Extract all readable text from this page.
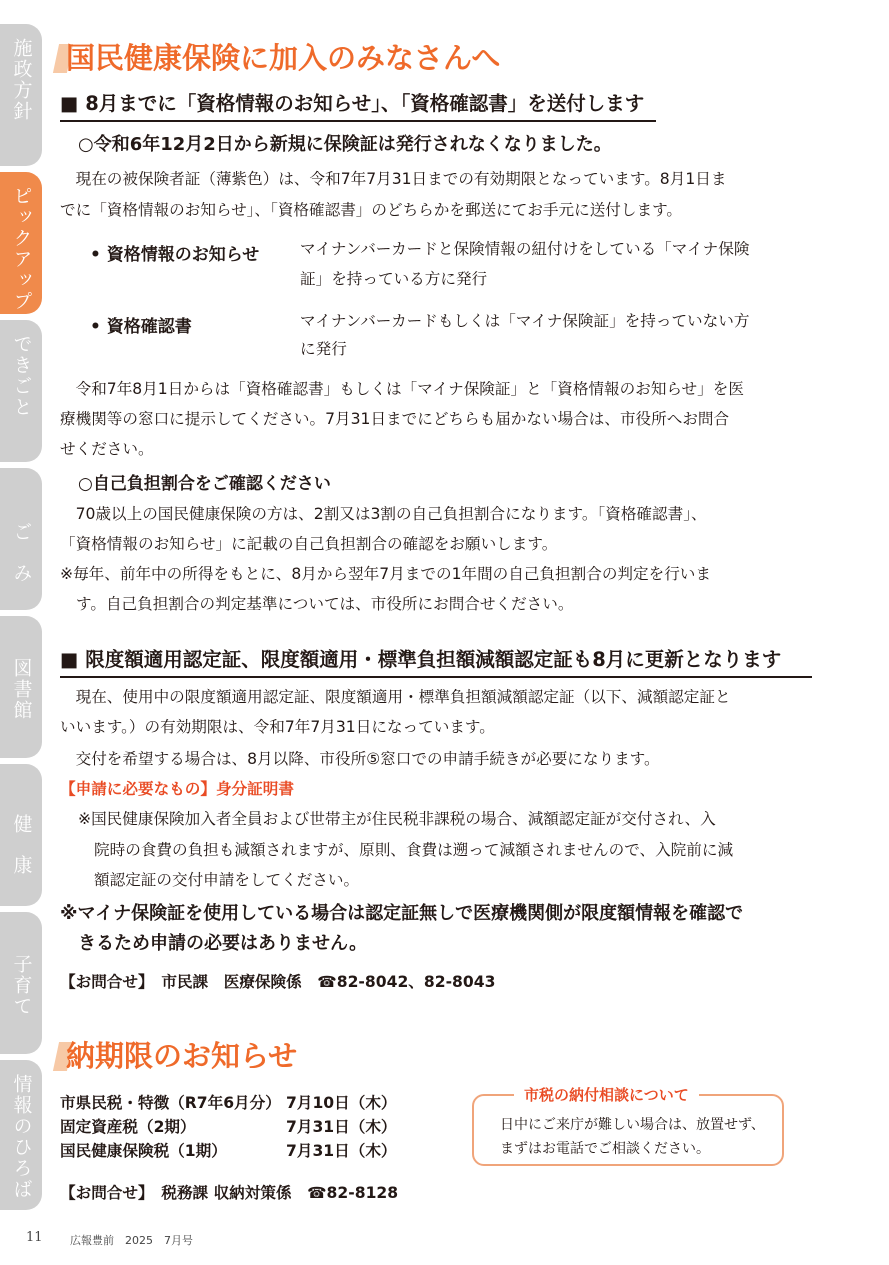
施政方針
ピックアップ
できごと
ごみ
図書館
健康
子育て
情報のひろば
国民健康保険に加入のみなさんへ
■ 8月までに「資格情報のお知らせ」、「資格確認書」を送付します
○令和6年12月2日から新規に保険証は発行されなくなりました。
　現在の被保険者証（薄紫色）は、令和7年7月31日までの有効期限となっています。8月1日ま
でに「資格情報のお知らせ」、「資格確認書」のどちらかを郵送にてお手元に送付します。
• 資格情報のお知らせ	マイナンバーカードと保険情報の紐付けをしている「マイナ保険
証」を持っている方に発行
• 資格確認書	マイナンバーカードもしくは「マイナ保険証」を持っていない方
に発行
　令和7年8月1日からは「資格確認書」もしくは「マイナ保険証」と「資格情報のお知らせ」を医
療機関等の窓口に提示してください。7月31日までにどちらも届かない場合は、市役所へお問合
せください。
○自己負担割合をご確認ください
　70歳以上の国民健康保険の方は、2割又は3割の自己負担割合になります。「資格確認書」、
「資格情報のお知らせ」に記載の自己負担割合の確認をお願いします。
※毎年、前年中の所得をもとに、8月から翌年7月までの1年間の自己負担割合の判定を行いま
す。自己負担割合の判定基準については、市役所にお問合せください。
■ 限度額適用認定証、限度額適用・標準負担額減額認定証も8月に更新となります
　現在、使用中の限度額適用認定証、限度額適用・標準負担額減額認定証（以下、減額認定証と
いいます。）の有効期限は、令和7年7月31日になっています。
　交付を希望する場合は、8月以降、市役所⑤窓口での申請手続きが必要になります。
【申請に必要なもの】身分証明書
※国民健康保険加入者全員および世帯主が住民税非課税の場合、減額認定証が交付され、入
院時の食費の負担も減額されますが、原則、食費は遡って減額されませんので、入院前に減
額認定証の交付申請をしてください。
※マイナ保険証を使用している場合は認定証無しで医療機関側が限度額情報を確認で
きるため申請の必要はありません。
【お問合せ】　市民課　医療保険係　☎82-8042、82-8043
納期限のお知らせ
市県民税・特徴（R7年6月分） 7月10日（木）
固定資産税（2期）	7月31日（木）
国民健康保険税（1期）	7月31日（木）
市税の納付相談について
日中にご来庁が難しい場合は、放置せず、
まずはお電話でご相談ください。
【お問合せ】　税務課 収納対策係　☎82-8128
11 広報豊前　2025　7月号
